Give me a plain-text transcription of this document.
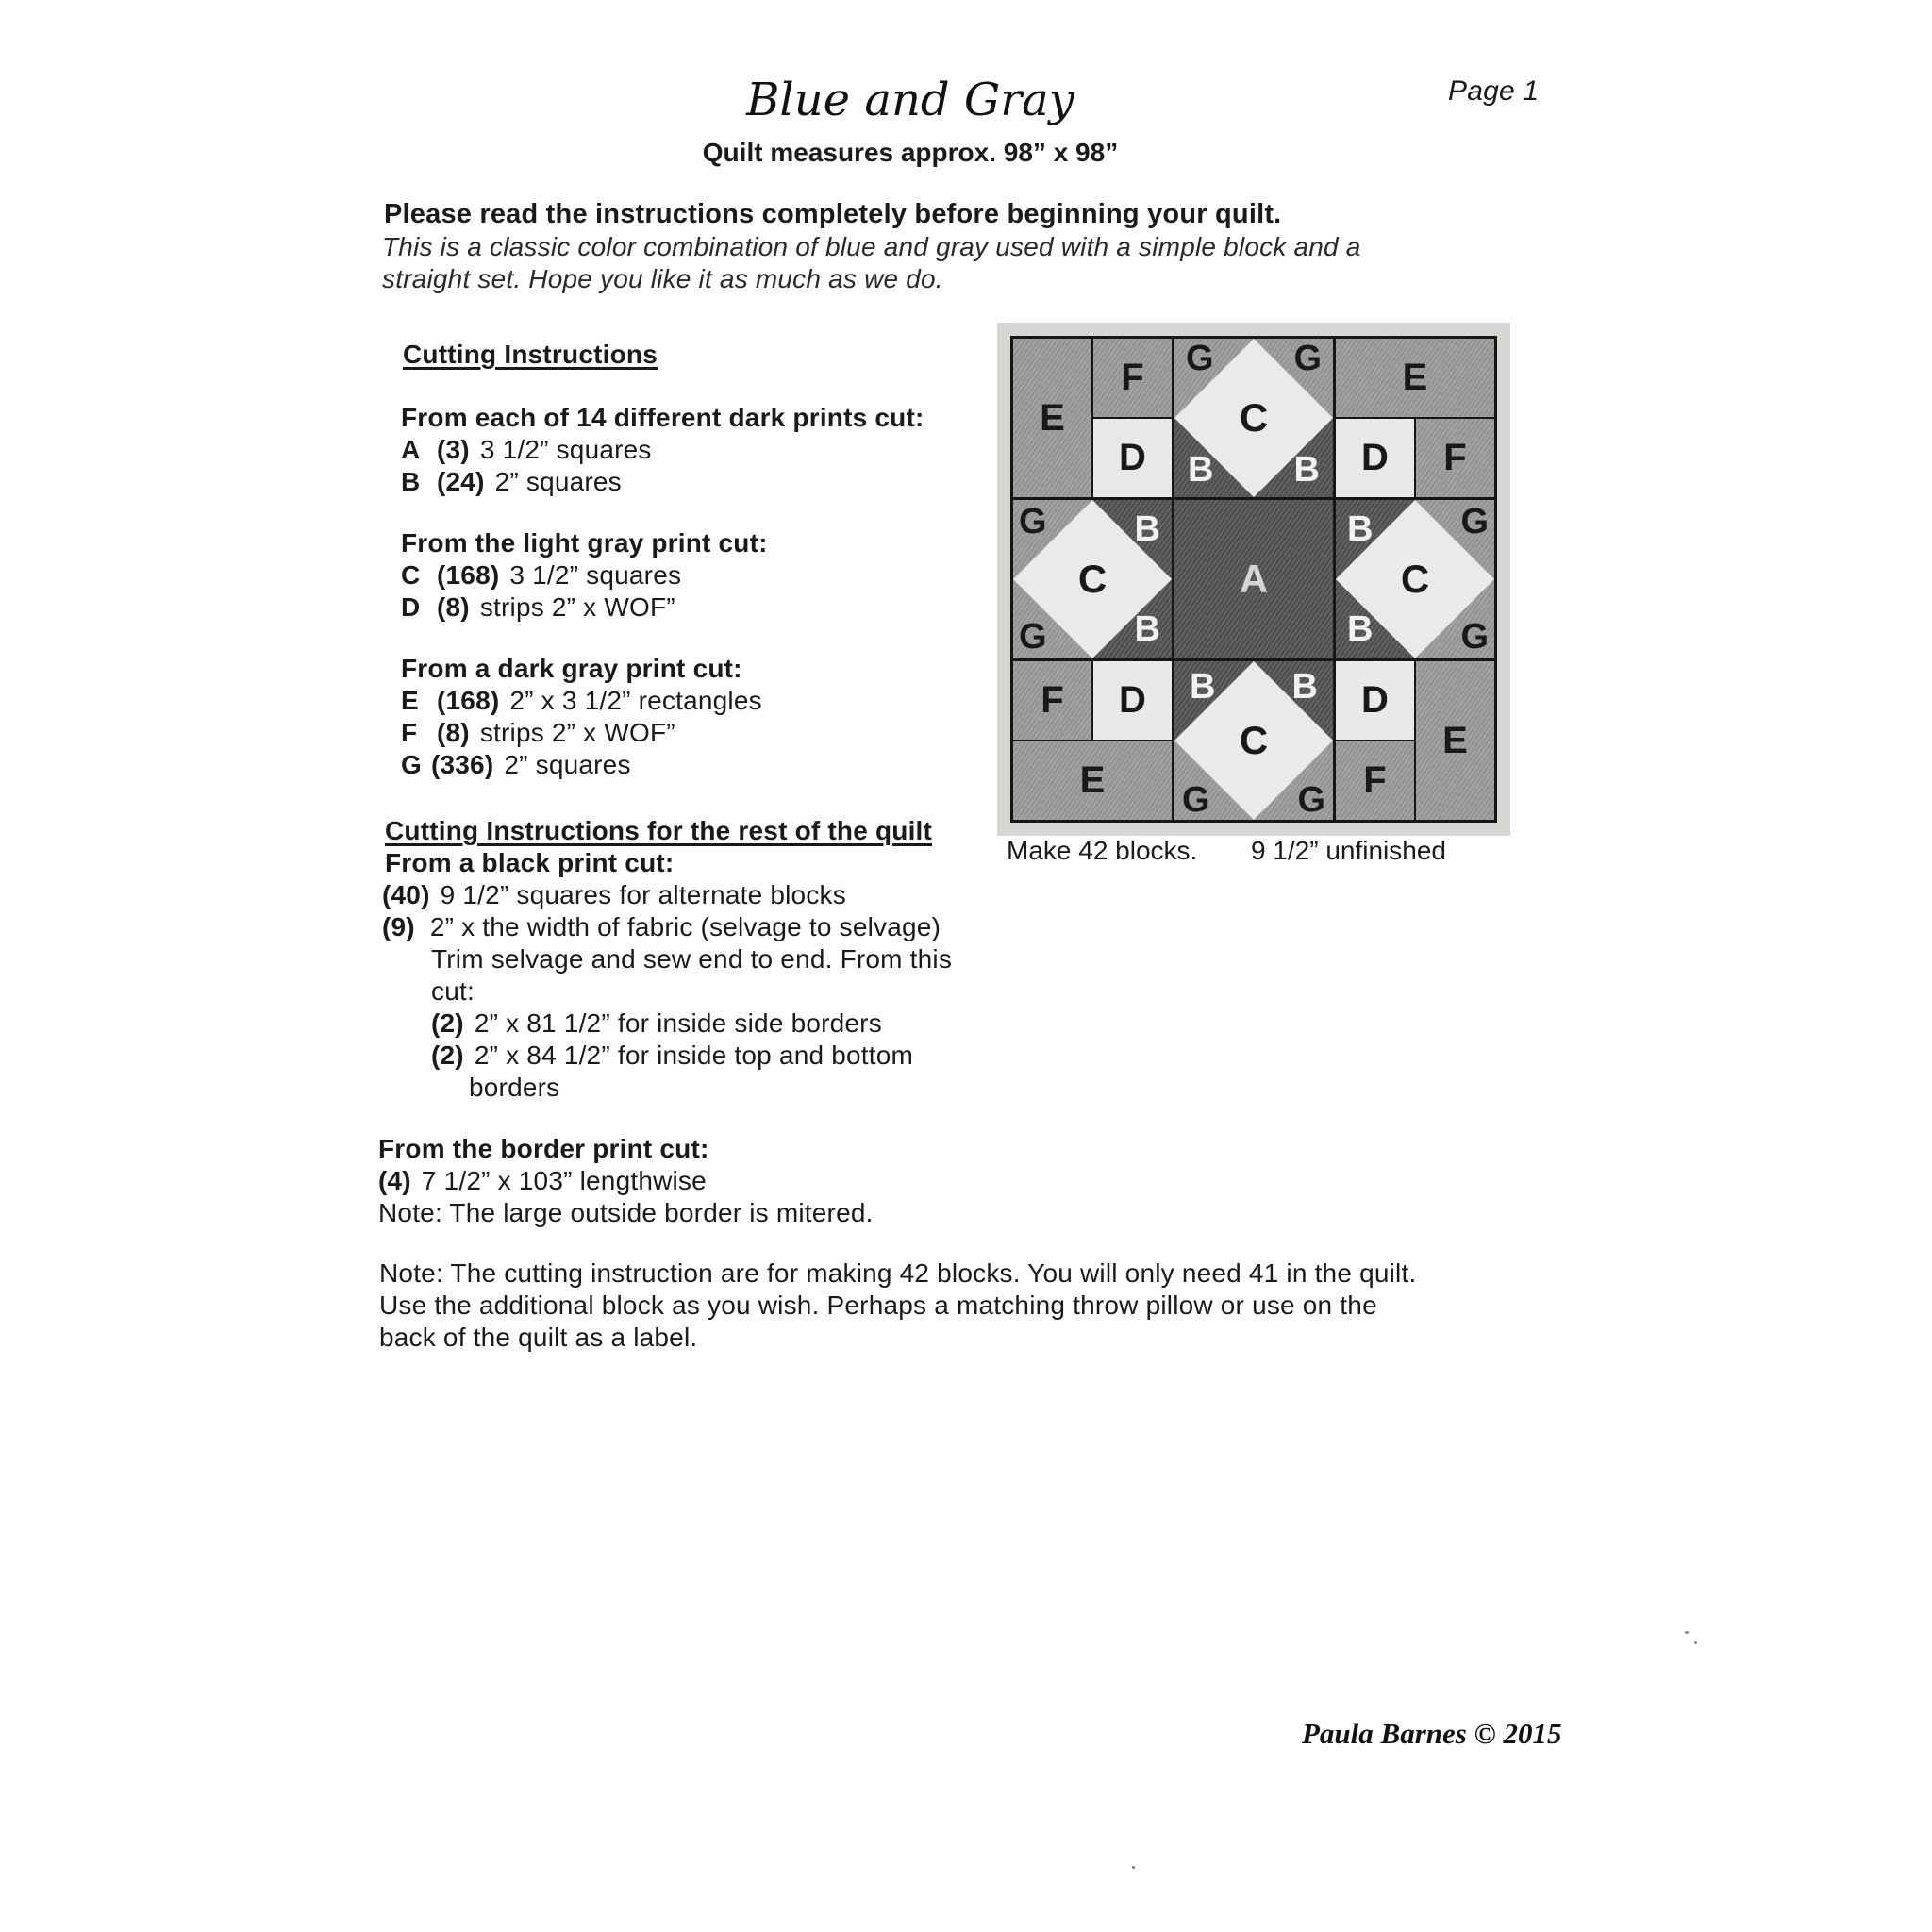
Page 1
Blue and Gray
Quilt measures approx. 98” x 98”
Please read the instructions completely before beginning your quilt.
This is a classic color combination of blue and gray used with a simple block and a
straight set. Hope you like it as much as we do.
Cutting Instructions
From each of 14 different dark prints cut:
A (3) 3 1/2” squares
B (24) 2” squares
From the light gray print cut:
C (168) 3 1/2” squares
D (8) strips 2” x WOF”
From a dark gray print cut:
E (168) 2” x 3 1/2” rectangles
F (8) strips 2” x WOF”
G (336) 2” squares
Cutting Instructions for the rest of the quilt
From a black print cut:
(40) 9 1/2” squares for alternate blocks
(9) 2” x the width of fabric (selvage to selvage)
Trim selvage and sew end to end. From this
cut:
(2) 2” x 81 1/2” for inside side borders
(2) 2” x 84 1/2” for inside top and bottom
borders
From the border print cut:
(4) 7 1/2” x 103” lengthwise
Note: The large outside border is mitered.
Note: The cutting instruction are for making 42 blocks. You will only need 41 in the quilt.
Use the additional block as you wish. Perhaps a matching throw pillow or use on the
back of the quilt as a label.
E
F
D
G G
B B
C
E
D F
G
G
B
B
C	A
B
B
G
G
C
F D
E
B B
G G
C
D
E
F
Make 42 blocks. 9 1/2” unfinished
Paula Barnes © 2015
